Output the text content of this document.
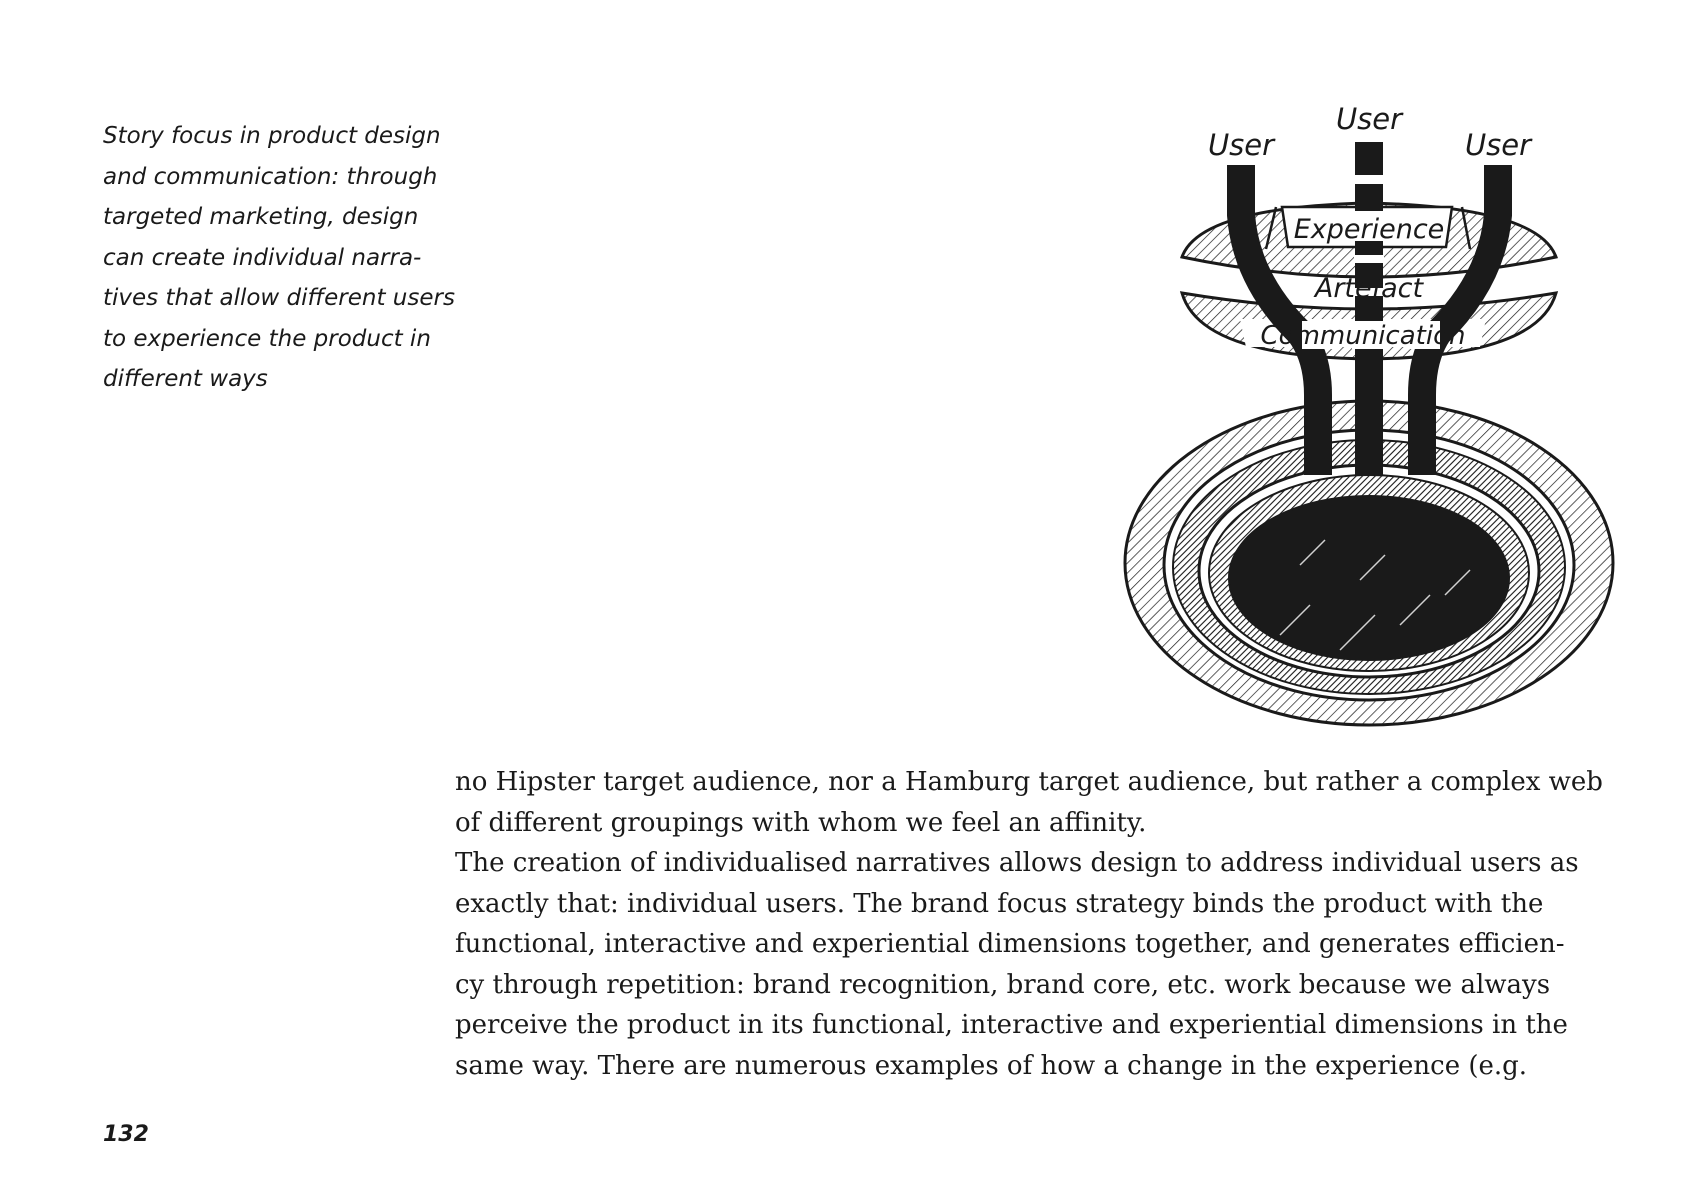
Story focus in product design
and communication: through
targeted marketing, design
can create individual narra-
tives that allow different users
to experience the product in
different ways
User
User
User
Experience
Artefact
Communication
no Hipster target audience, nor a Hamburg target audience, but rather a complex web
of different groupings with whom we feel an affinity.
The creation of individualised narratives allows design to address individual users as
exactly that: individual users. The brand focus strategy binds the product with the
functional, interactive and experiential dimensions together, and generates efficien-
cy through repetition: brand recognition, brand core, etc. work because we always
perceive the product in its functional, interactive and experiential dimensions in the
same way. There are numerous examples of how a change in the experience (e.g.
132
